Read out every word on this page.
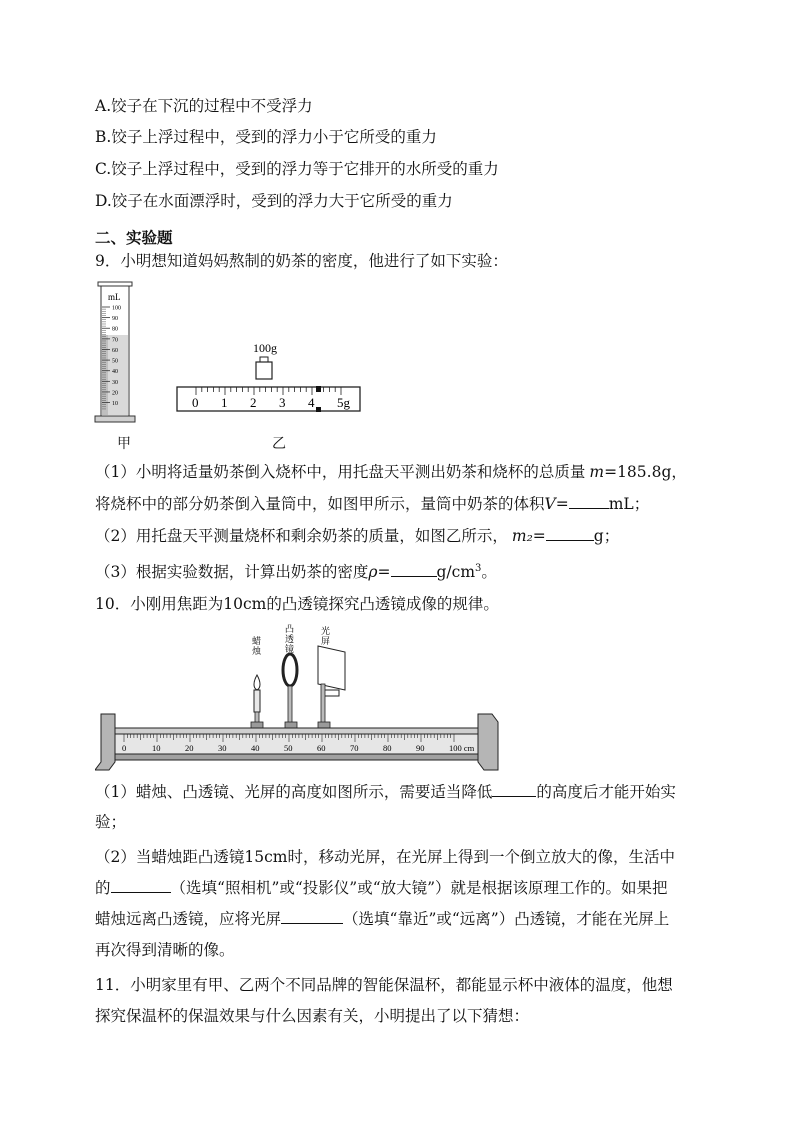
A.饺子在下沉的过程中不受浮力
B.饺子上浮过程中，受到的浮力小于它所受的重力
C.饺子上浮过程中，受到的浮力等于它排开的水所受的重力
D.饺子在水面漂浮时，受到的浮力大于它所受的重力
二、实验题
9．小明想知道妈妈熬制的奶茶的密度，他进行了如下实验：
100
90
80
70
60
50
40
30
20
10
mL
甲
100g
0 1 2 3 4 5g
乙
（1）小明将适量奶茶倒入烧杯中，用托盘天平测出奶茶和烧杯的总质量 m=185.8g，
将烧杯中的部分奶茶倒入量筒中，如图甲所示，量筒中奶茶的体积V=	mL；
（2）用托盘天平测量烧杯和剩余奶茶的质量，如图乙所示， m₂=	g；
（3）根据实验数据，计算出奶茶的密度ρ=	$g/cm^3$。
10．小刚用焦距为10cm的凸透镜探究凸透镜成像的规律。
蜡
烛
凸
透
镜
光
屏
0	10	20	30	40	50	60	70	80	90	100 cm
（1）蜡烛、凸透镜、光屏的高度如图所示，需要适当降低	的高度后才能开始实
验；
（2）当蜡烛距凸透镜15cm时，移动光屏，在光屏上得到一个倒立放大的像，生活中
的	（选填“照相机”或“投影仪”或“放大镜”）就是根据该原理工作的。如果把
蜡烛远离凸透镜，应将光屏	（选填“靠近”或“远离”）凸透镜，才能在光屏上
再次得到清晰的像。
11．小明家里有甲、乙两个不同品牌的智能保温杯，都能显示杯中液体的温度，他想
探究保温杯的保温效果与什么因素有关，小明提出了以下猜想：
